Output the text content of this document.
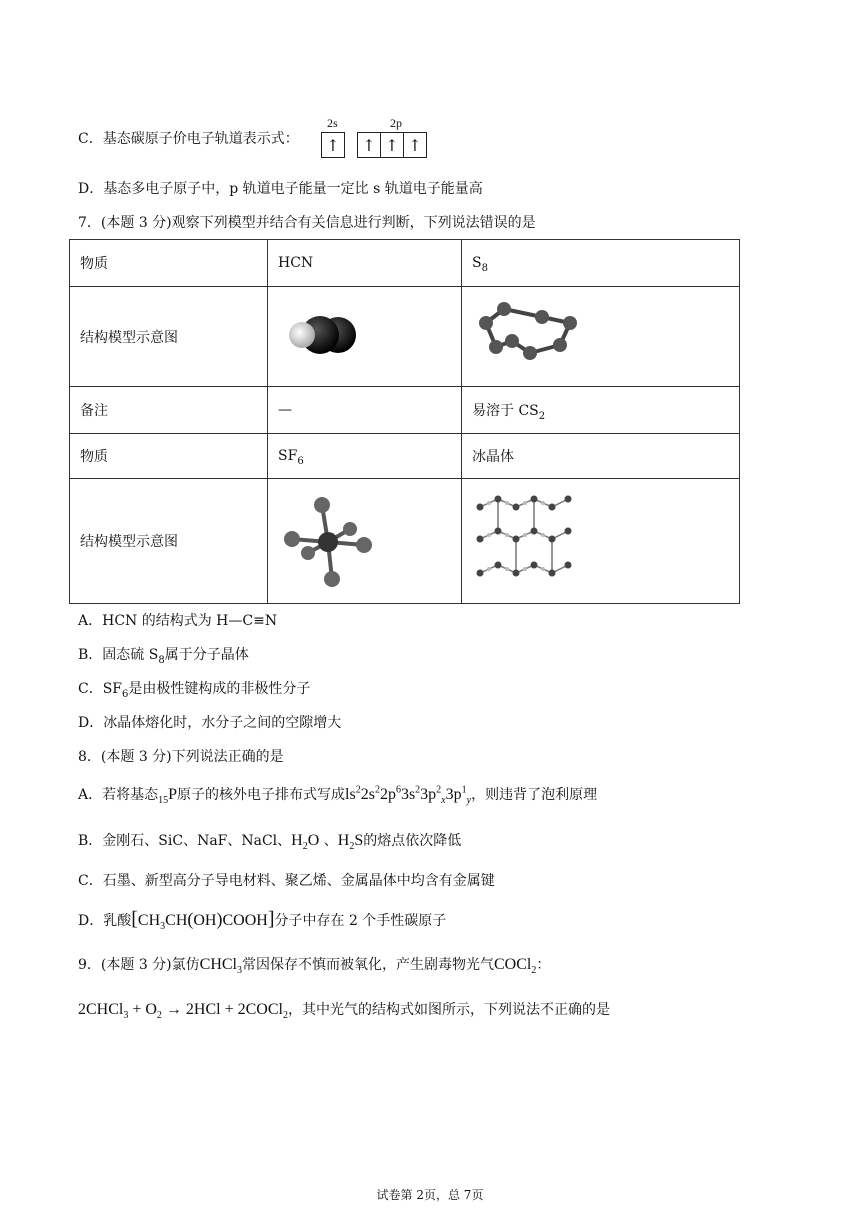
C．基态碳原子价电子轨道表示式：
2s	2p
↑	↑ ↑ ↑
D．基态多电子原子中，p 轨道电子能量一定比 s 轨道电子能量高
7．(本题 3 分)观察下列模型并结合有关信息进行判断，下列说法错误的是
物质	HCN	$S_8$
结构模型示意图		
备注	—	易溶于 $CS_2$
物质	$SF_6$	冰晶体
结构模型示意图		
A．HCN 的结构式为 H—C≡N
B．固态硫 $S_8$属于分子晶体
C．$SF_6$是由极性键构成的非极性分子
D．冰晶体熔化时，水分子之间的空隙增大
8．(本题 3 分)下列说法正确的是
A．若将基态$_{15}$P原子的核外电子排布式写成$ls^22s^22p^63s^23p^2_x3p^1_y$，则违背了泡利原理
B．金刚石、SiC、NaF、NaCl、$H_2O$ 、$H_2S$的熔点依次降低
C．石墨、新型高分子导电材料、聚乙烯、金属晶体中均含有金属键
D．乳酸$[CH_3CH(OH)COOH]$分子中存在 2 个手性碳原子
9．(本题 3 分)氯仿CHCl$_3$常因保存不慎而被氧化，产生剧毒物光气COCl$_2$：
2CHCl$_3$ + $O_2 \to 2HCl$ + 2COCl$_2$，其中光气的结构式如图所示，下列说法不正确的是
试卷第 2页，总 7页
